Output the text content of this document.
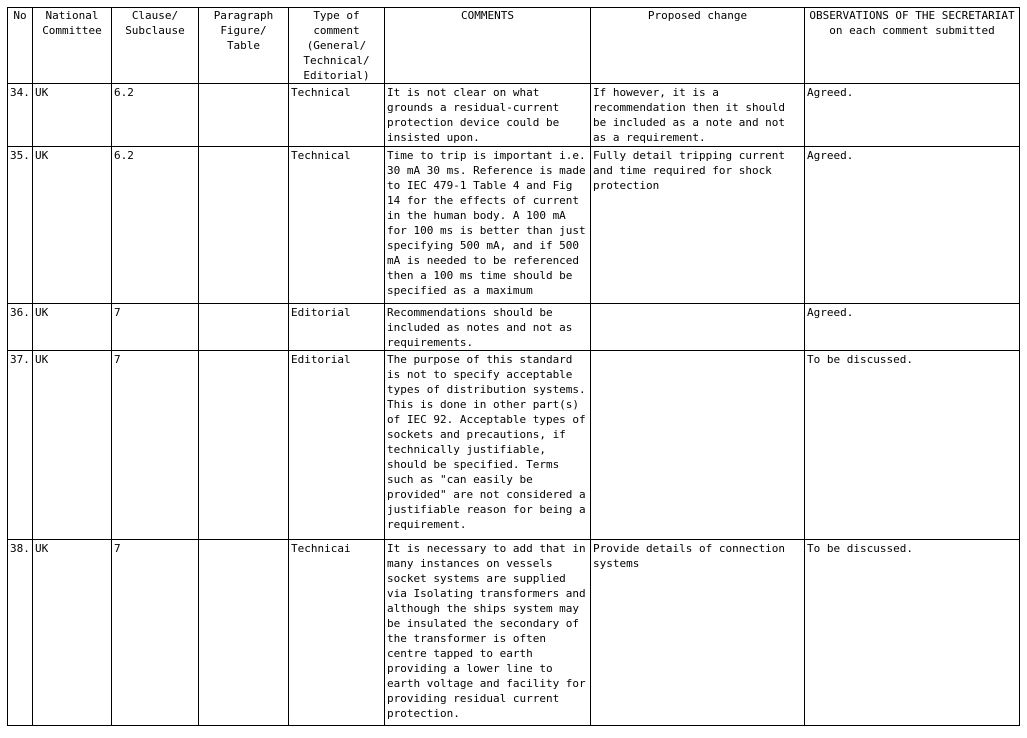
No	National Committee	Clause/ Subclause	Paragraph Figure/ Table	Type of comment (General/ Technical/ Editorial)	COMMENTS	Proposed change	OBSERVATIONS OF THE SECRETARIAT on each comment submitted
34.	UK	6.2		Technical	It is not clear on what grounds a residual-current protection device could be insisted upon.	If however, it is a recommendation then it should be included as a note and not as a requirement.	Agreed.
35.	UK	6.2		Technical	Time to trip is important i.e. 30 mA 30 ms. Reference is made to IEC 479-1 Table 4 and Fig 14 for the effects of current in the human body. A 100 mA for 100 ms is better than just specifying 500 mA, and if 500 mA is needed to be referenced then a 100 ms time should be specified as a maximum	Fully detail tripping current and time required for shock protection	Agreed.
36.	UK	7		Editorial	Recommendations should be included as notes and not as requirements.		Agreed.
37.	UK	7		Editorial	The purpose of this standard is not to specify acceptable types of distribution systems. This is done in other part(s) of IEC 92. Acceptable types of sockets and precautions, if technically justifiable, should be specified. Terms such as "can easily be provided" are not considered a justifiable reason for being a requirement.		To be discussed.
38.	UK	7		Technicai	It is necessary to add that in many instances on vessels socket systems are supplied via Isolating transformers and although the ships system may be insulated the secondary of the transformer is often centre tapped to earth providing a lower line to earth voltage and facility for providing residual current protection.	Provide details of connection systems	To be discussed.
